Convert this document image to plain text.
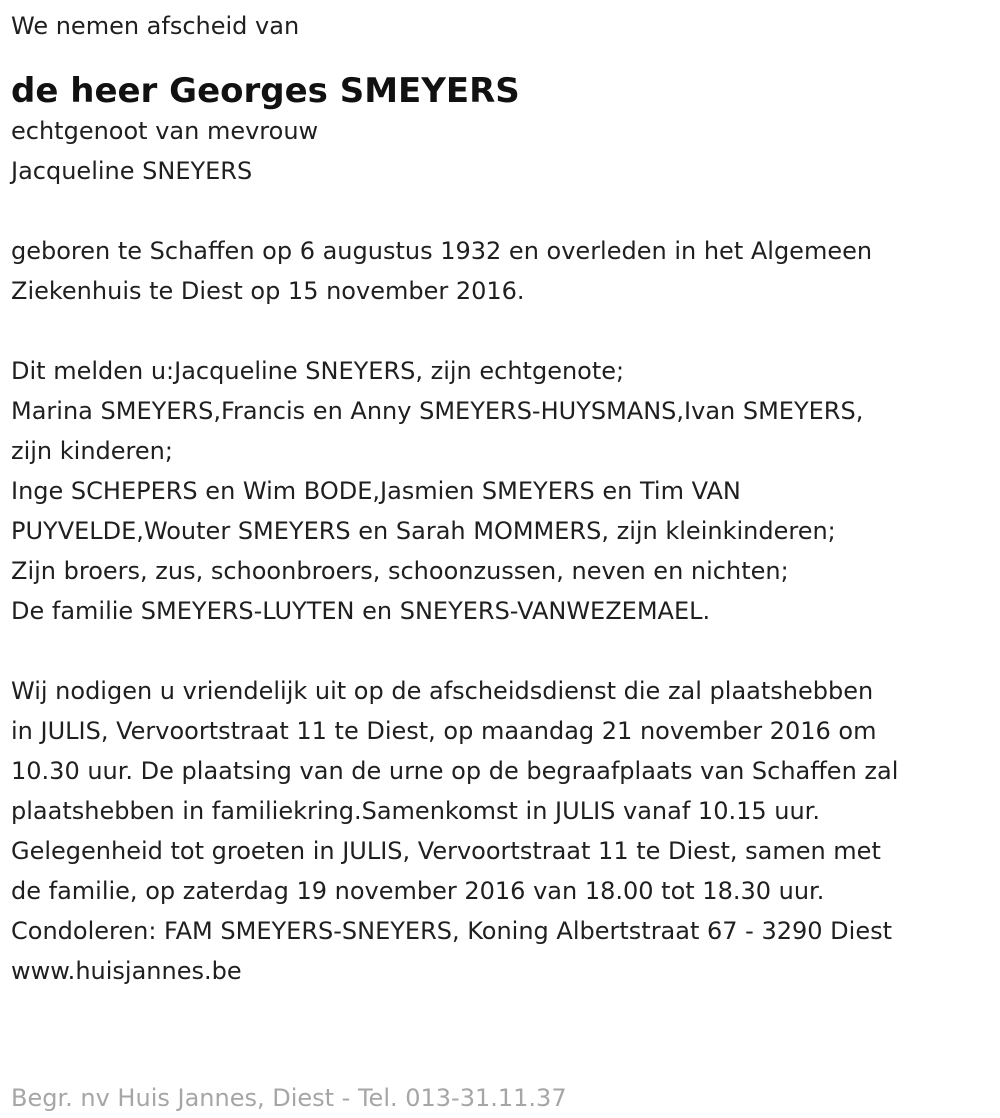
We nemen afscheid van

de heer Georges SMEYERS

echtgenoot van mevrouw

Jacqueline SNEYERS

geboren te Schaffen op 6 augustus 1932 en overleden in het Algemeen

Ziekenhuis te Diest op 15 november 2016.

Dit melden u:Jacqueline SNEYERS, zijn echtgenote;

Marina SMEYERS,Francis en Anny SMEYERS-HUYSMANS,Ivan SMEYERS,

zijn kinderen;

Inge SCHEPERS en Wim BODE,Jasmien SMEYERS en Tim VAN

PUYVELDE,Wouter SMEYERS en Sarah MOMMERS, zijn kleinkinderen;

Zijn broers, zus, schoonbroers, schoonzussen, neven en nichten;

De familie SMEYERS-LUYTEN en SNEYERS-VANWEZEMAEL.

Wij nodigen u vriendelijk uit op de afscheidsdienst die zal plaatshebben

in JULIS, Vervoortstraat 11 te Diest, op maandag 21 november 2016 om

10.30 uur. De plaatsing van de urne op de begraafplaats van Schaffen zal

plaatshebben in familiekring.Samenkomst in JULIS vanaf 10.15 uur.

Gelegenheid tot groeten in JULIS, Vervoortstraat 11 te Diest, samen met

de familie, op zaterdag 19 november 2016 van 18.00 tot 18.30 uur.

Condoleren: FAM SMEYERS-SNEYERS, Koning Albertstraat 67 - 3290 Diest

www.huisjannes.be

Begr. nv Huis Jannes, Diest - Tel. 013-31.11.37
